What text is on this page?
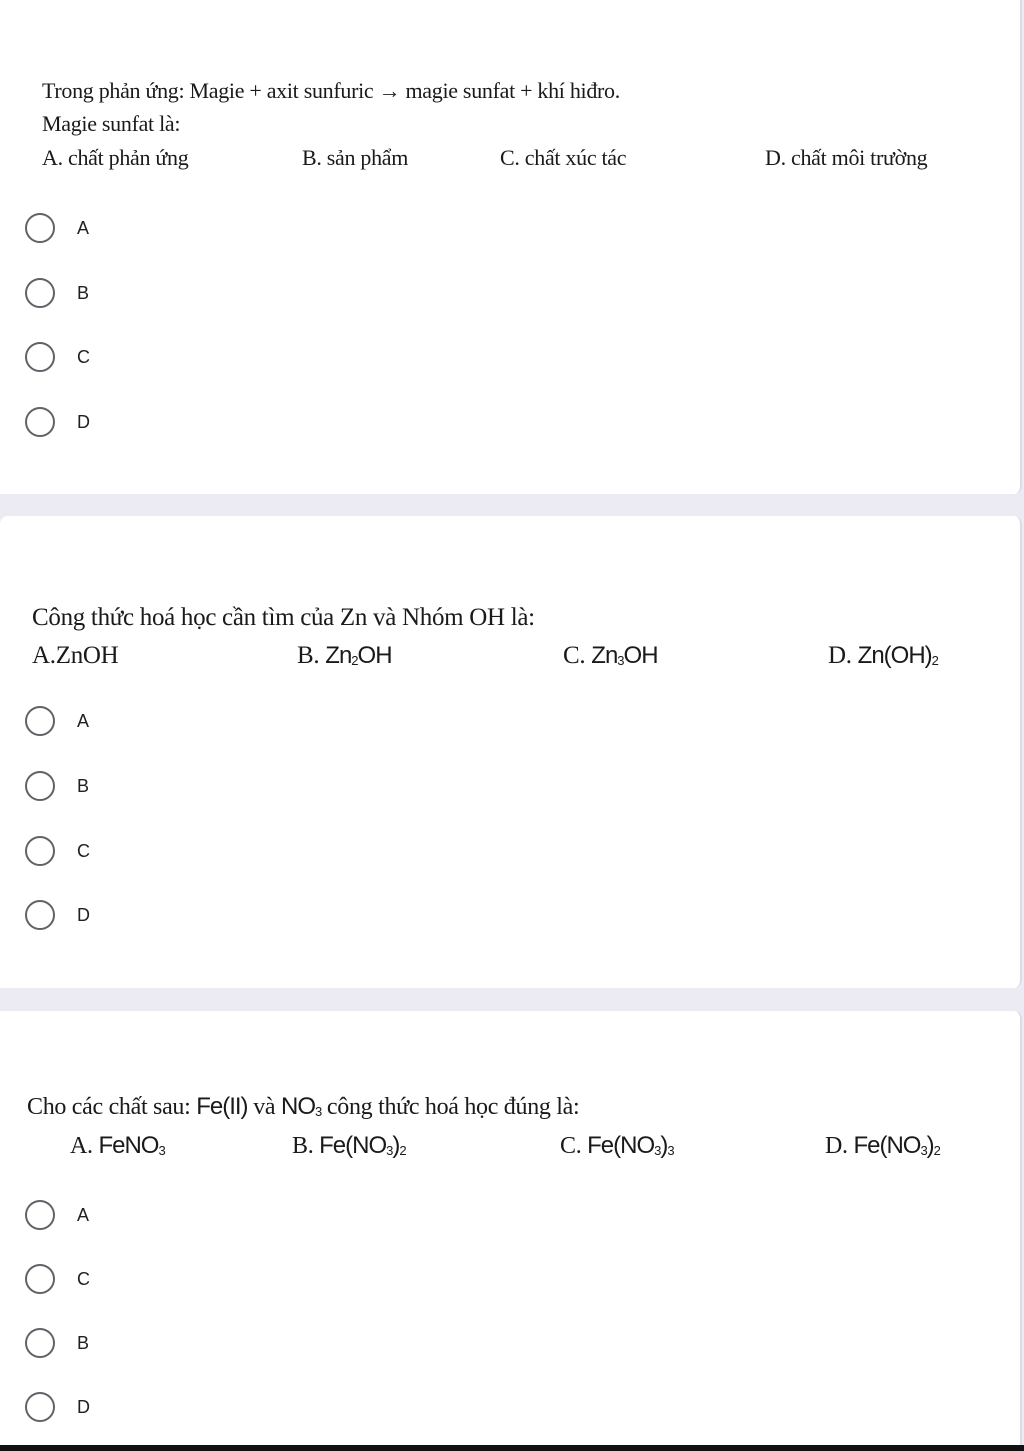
Trong phản ứng: Magie + axit sunfuric → magie sunfat + khí hiđro.
Magie sunfat là:
A. chất phản ứng	B. sản phẩm	C. chất xúc tác	D. chất môi trường
A
B
C
D
Công thức hoá học cần tìm của Zn và Nhóm OH là:
A.ZnOH	B. $Zn_2OH$	C. $Zn_3OH$	D. $Zn(OH)_2$
A
B
C
D
Cho các chất sau: Fe(II) và $NO_3$ công thức hoá học đúng là:
A. FeNO$_3$	B. $Fe(NO_3)_2$	C. $Fe(NO_3)_3$	D. $Fe(NO_3)_2$
A
C
B
D
